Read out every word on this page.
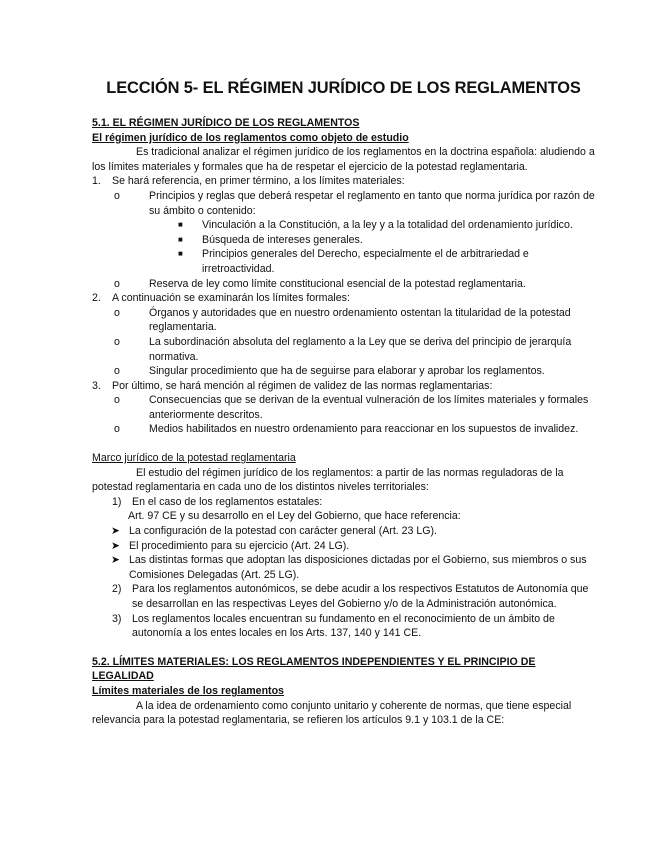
LECCIÓN 5- EL RÉGIMEN JURÍDICO DE LOS REGLAMENTOS

5.1. EL RÉGIMEN JURÍDICO DE LOS REGLAMENTOS

El régimen jurídico de los reglamentos como objeto de estudio

Es tradicional analizar el régimen jurídico de los reglamentos en la doctrina española: aludiendo a los límites materiales y formales que ha de respetar el ejercicio de la potestad reglamentaria.

1. Se hará referencia, en primer término, a los límites materiales:
o	Principios y reglas que deberá respetar el reglamento en tanto que norma jurídica por razón de su ámbito o contenido:
■ Vinculación a la Constitución, a la ley y a la totalidad del ordenamiento jurídico.
■ Búsqueda de intereses generales.
■ Principios generales del Derecho, especialmente el de arbitrariedad e irretroactividad.
o	Reserva de ley como límite constitucional esencial de la potestad reglamentaria.
2. A continuación se examinarán los límites formales:
o	Órganos y autoridades que en nuestro ordenamiento ostentan la titularidad de la potestad reglamentaria.
o	La subordinación absoluta del reglamento a la Ley que se deriva del principio de jerarquía normativa.
o	Singular procedimiento que ha de seguirse para elaborar y aprobar los reglamentos.
3. Por último, se hará mención al régimen de validez de las normas reglamentarias:
o	Consecuencias que se derivan de la eventual vulneración de los límites materiales y formales anteriormente descritos.
o	Medios habilitados en nuestro ordenamiento para reaccionar en los supuestos de invalidez.

Marco jurídico de la potestad reglamentaria

El estudio del régimen jurídico de los reglamentos: a partir de las normas reguladoras de la potestad reglamentaria en cada uno de los distintos niveles territoriales:

1) En el caso de los reglamentos estatales:
Art. 97 CE y su desarrollo en el Ley del Gobierno, que hace referencia:
➤ La configuración de la potestad con carácter general (Art. 23 LG).
➤ El procedimiento para su ejercicio (Art. 24 LG).
➤ Las distintas formas que adoptan las disposiciones dictadas por el Gobierno, sus miembros o sus Comisiones Delegadas (Art. 25 LG).
2) Para los reglamentos autonómicos, se debe acudir a los respectivos Estatutos de Autonomía que se desarrollan en las respectivas Leyes del Gobierno y/o de la Administración autonómica.
3) Los reglamentos locales encuentran su fundamento en el reconocimiento de un ámbito de autonomía a los entes locales en los Arts. 137, 140 y 141 CE.

5.2. LÍMITES MATERIALES: LOS REGLAMENTOS INDEPENDIENTES Y EL PRINCIPIO DE LEGALIDAD

Límites materiales de los reglamentos

A la idea de ordenamiento como conjunto unitario y coherente de normas, que tiene especial relevancia para la potestad reglamentaria, se refieren los artículos 9.1 y 103.1 de la CE:
